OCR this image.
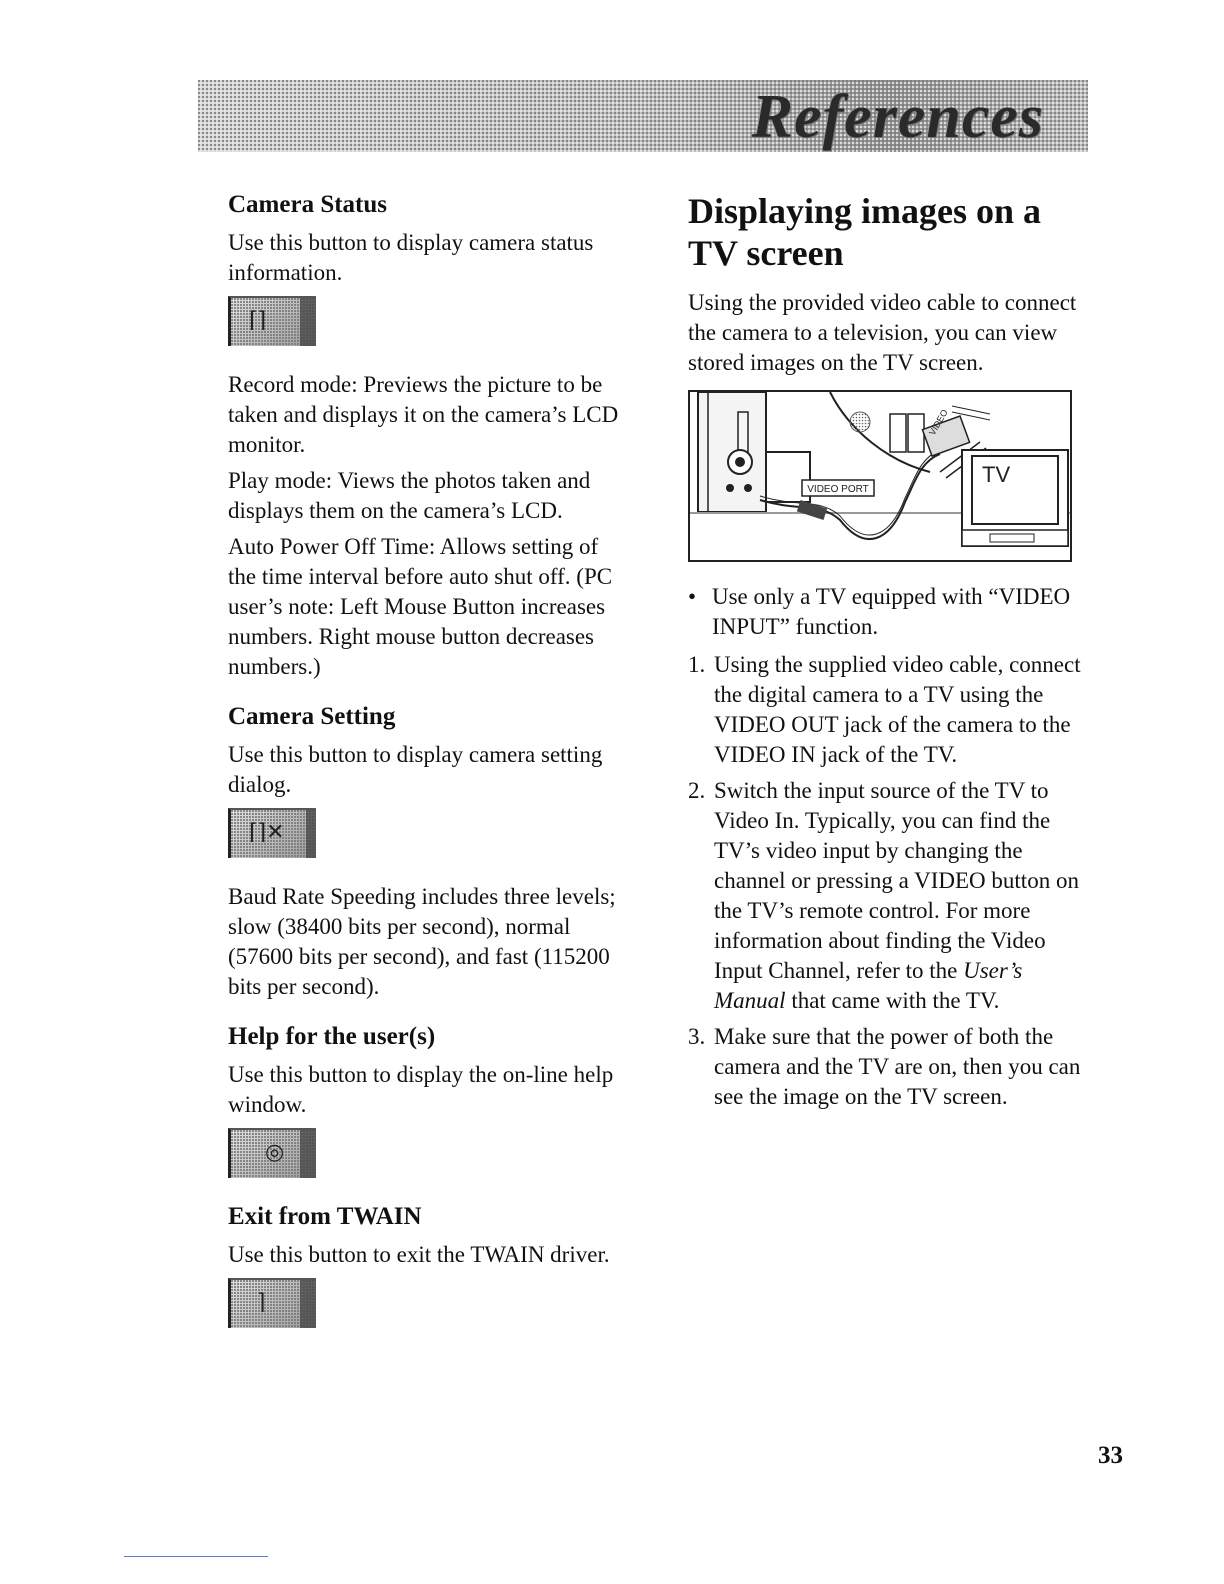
References
Camera Status

Use this button to display camera status information.

⌈⌉

Record mode: Previews the picture to be taken and displays it on the camera’s LCD monitor.

Play mode: Views the photos taken and displays them on the camera’s LCD.

Auto Power Off Time: Allows setting of the time interval before auto shut off. (PC user’s note: Left Mouse Button increases numbers. Right mouse button decreases numbers.)

Camera Setting

Use this button to display camera setting dialog.

⌈⌉✕

Baud Rate Speeding includes three levels; slow (38400 bits per second), normal (57600 bits per second), and fast (115200 bits per second).

Help for the user(s)

Use this button to display the on-line help window.

◎
Exit from TWAIN

Use this button to exit the TWAIN driver.

⌉
Displaying images on a TV screen

Using the provided video cable to connect the camera to a television, you can view stored images on the TV screen.

VIDEO PORT
VIDEO
TV
• Use only a TV equipped with “VIDEO INPUT” function.
1. Using the supplied video cable, connect the digital camera to a TV using the VIDEO OUT jack of the camera to the VIDEO IN jack of the TV.
2. Switch the input source of the TV to Video In. Typically, you can find the TV’s video input by changing the channel or pressing a VIDEO button on the TV’s remote control. For more information about finding the Video Input Channel, refer to the User’s Manual that came with the TV.
3. Make sure that the power of both the camera and the TV are on, then you can see the image on the TV screen.
33
